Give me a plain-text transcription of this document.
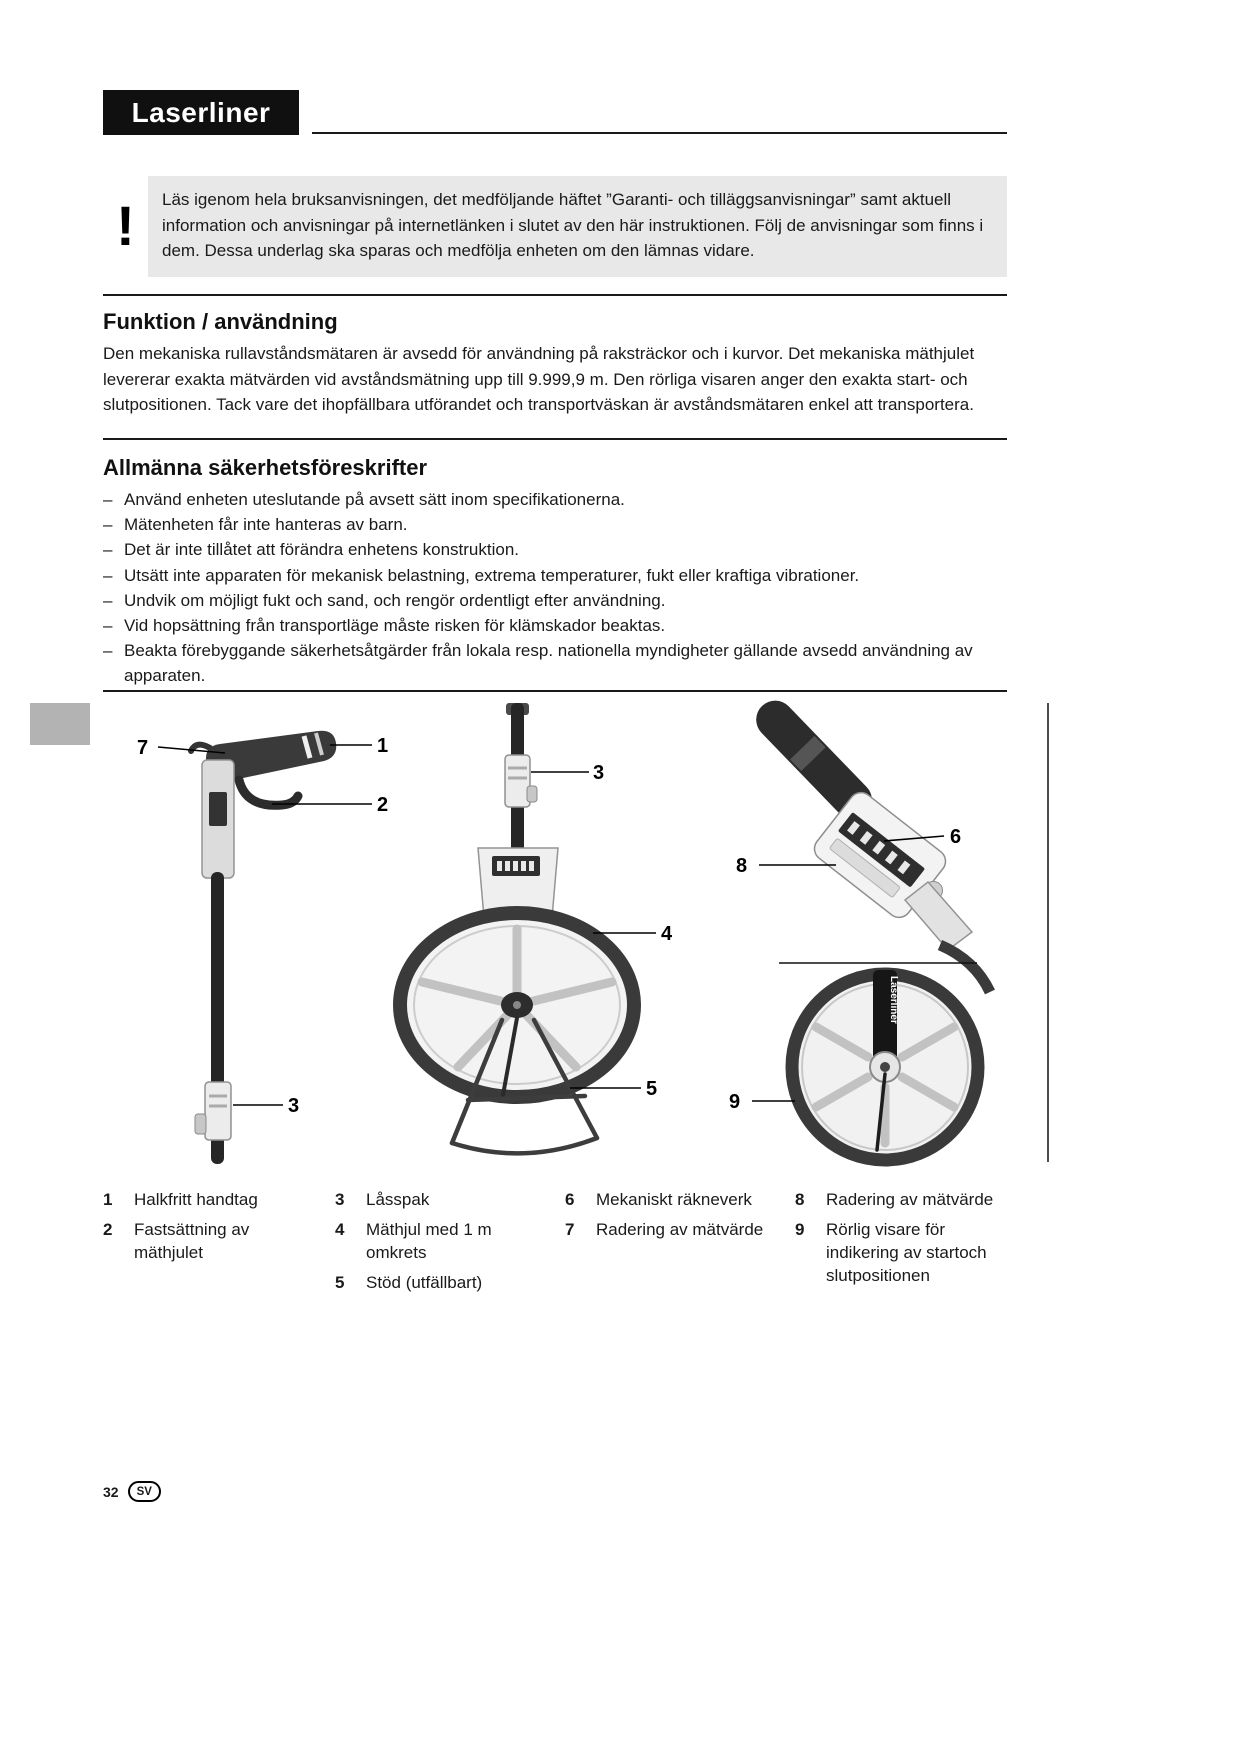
Laserliner
!	Läs igenom hela bruksanvisningen, det medföljande häftet ”Garanti- och tilläggsanvisningar” samt aktuell information och anvisningar på internetlänken i slutet av den här instruktionen. Följ de anvisningar som finns i dem. Dessa underlag ska sparas och medfölja enheten om den lämnas vidare.
Funktion / användning

Den mekaniska rullavståndsmätaren är avsedd för användning på raksträckor och i kurvor. Det mekaniska mäthjulet levererar exakta mätvärden vid avståndsmätning upp till 9.999,9 m. Den rörliga visaren anger den exakta start- och slutpositionen. Tack vare det ihopfällbara utförandet och transportväskan är avståndsmätaren enkel att transportera.

Allmänna säkerhetsföreskrifter
– Använd enheten uteslutande på avsett sätt inom specifikationerna.
– Mätenheten får inte hanteras av barn.
– Det är inte tillåtet att förändra enhetens konstruktion.
– Utsätt inte apparaten för mekanisk belastning, extrema temperaturer, fukt eller kraftiga vibrationer.
– Undvik om möjligt fukt och sand, och rengör ordentligt efter användning.
– Vid hopsättning från transportläge måste risken för klämskador beaktas.
– Beakta förebyggande säkerhetsåtgärder från lokala resp. nationella myndigheter gällande avsedd användning av apparaten.
Laserliner
7	1
2
3
3
4
5
6
8
9
1	Halkfritt handtag
2	Fastsättning av mäthjulet
3	Låsspak
4	Mäthjul med 1 m omkrets
5	Stöd (utfällbart)
6	Mekaniskt räkneverk
7	Radering av mätvärde
8	Radering av mätvärde
9	Rörlig visare för indikering av startoch slutpositionen
32	SV
